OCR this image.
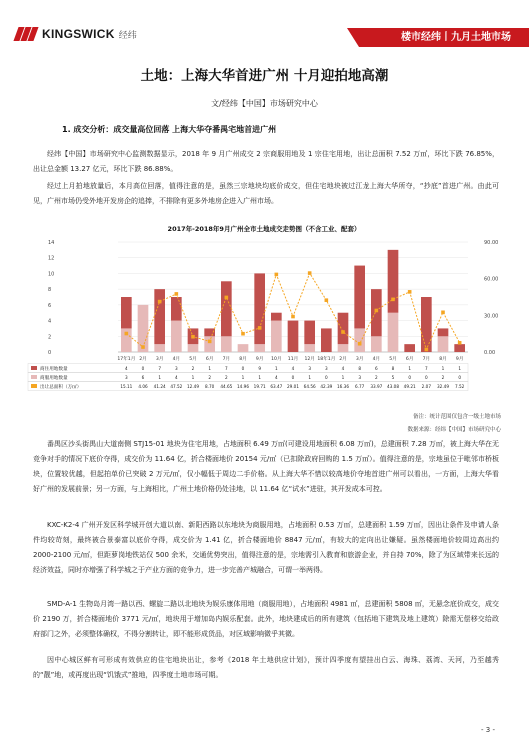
KINGSWICK 经纬	楼市经纬丨九月土地市场
土地：上海大华首进广州 十月迎拍地高潮
文/经纬【中国】市场研究中心
1. 成交分析：成交量高位回落 上海大华夺番禺宅地首进广州
经纬【中国】市场研究中心监测数据显示，2018 年 9 月广州成交 2 宗商服用地及 1 宗住宅用地，出让总面积 7.52 万㎡，环比下跌 76.85%，出让总金额 13.27 亿元，环比下跌 86.88%。
经过上月拍地放量后，本月高位回落，值得注意的是，虽然三宗地块均底价成交，但住宅地块被过江龙上海大华所夺，“抄底”首进广州。由此可见，广州市场仍受外地开发房企的追捧，不排除有更多外地房企进入广州市场。
2017年-2018年9月广州全市土地成交走势图（不含工业、配套）
0
2
4
6
8
10
12
14
0.00
30.00
60.00
90.00
17年1月 2月 3月 4月 5月 6月 7月 8月 9月 10月 11月 12月 18年1月 2月 3月 4月 5月 6月 7月 8月 9月
商住用地数量	4	0	7	3	2	1	7	0	9	1	4	3	3	4	8	6	8	1	7	1	1
商服用地数量	3	6	1	4	1	2	2	1	1	4	0	1	0	1	3	2	5	0	0	2	0
出让总面积（万㎡）	15.11 4.06 41.24 47.52 12.49 8.70 44.65 14.96 19.71 63.47 29.01 64.56 42.39 16.36 6.77 33.97 43.08 49.21 2.07 32.49 7.52
备注：统计范围仅包含一级土地市场
数据来源：经纬【中国】市场研究中心
番禺区沙头街禺山大道南侧 STJ15-01 地块为住宅用地，占地面积 6.49 万㎡(可建设用地面积 6.08 万㎡)，总建面积 7.28 万㎡，被上海大华在无竞争对手的情况下底价夺得，成交价为 11.64 亿，折合楼面地价 20154 元/㎡（已扣除政府回购的 1.5 万㎡）。值得注意的是，宗地虽位于毗邻市桥板块，位置较优越，但起拍单价已突破 2 万元/㎡，仅小幅低于周边二手价格。从上海大华不惜以较高地价夺地首进广州可以看出，一方面，上海大华看好广州的发展前景；另一方面，与上海相比，广州土地价格仍处洼地，以 11.64 亿“试水”进驻，其开发成本可控。
KXC-K2-4 广州开发区科学城开创大道以南、新阳西路以东地块为商服用地，占地面积 0.53 万㎡，总建面积 1.59 万㎡，因出让条件及申请人条件均较苛刻，最终被合景泰富以底价夺得，成交价为 1.41 亿，折合楼面地价 8847 元/㎡，有较大的定向出让嫌疑。虽然楼面地价较周边高出约 2000-2100 元/㎡，但距萝岗地铁站仅 500 余米，交通优势突出，值得注意的是，宗地需引入教育和旅游企业，并自持 70%，除了为区域带来长远的经济效益，同时亦增强了科学城之于产业方面的竞争力，进一步完善产城融合，可谓一举两得。
SMD-A-1 生物岛月湾一路以西、螺旋二路以北地块为娱乐康体用地（商服用地），占地面积 4981 ㎡，总建面积 5808 ㎡，无悬念底价成交，成交价 2190 万，折合楼面地价 3771 元/㎡，地块用于增加岛内娱乐配套。此外，地块建成后的所有建筑（包括地下建筑及地上建筑）除需无偿移交给政府部门之外，必须整体确权，不得分割转让，即不能形成货品，对区域影响微乎其微。
因中心城区鲜有可形成有效供应的住宅地块出让，参考《2018 年土地供应计划》，预计四季度有望挂出白云、海珠、荔湾、天河，乃至越秀的“靓”地，或再度出现“饥饿式”推地，四季度土地市场可期。
- 3 -
